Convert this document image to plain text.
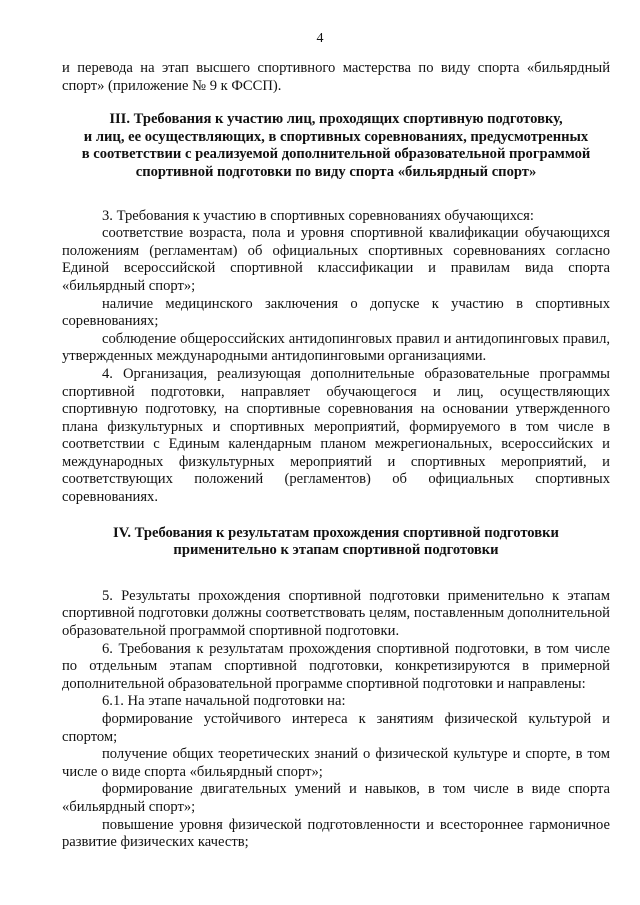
4

и перевода на этап высшего спортивного мастерства по виду спорта «бильярдный спорт» (приложение № 9 к ФССП).

III. Требования к участию лиц, проходящих спортивную подготовку,
и лиц, ее осуществляющих, в спортивных соревнованиях, предусмотренных
в соответствии с реализуемой дополнительной образовательной программой
спортивной подготовки по виду спорта «бильярдный спорт»

3. Требования к участию в спортивных соревнованиях обучающихся:

соответствие возраста, пола и уровня спортивной квалификации обучающихся положениям (регламентам) об официальных спортивных соревнованиях согласно Единой всероссийской спортивной классификации и правилам вида спорта «бильярдный спорт»;

наличие медицинского заключения о допуске к участию в спортивных соревнованиях;

соблюдение общероссийских антидопинговых правил и антидопинговых правил, утвержденных международными антидопинговыми организациями.

4. Организация, реализующая дополнительные образовательные программы спортивной подготовки, направляет обучающегося и лиц, осуществляющих спортивную подготовку, на спортивные соревнования на основании утвержденного плана физкультурных и спортивных мероприятий, формируемого в том числе в соответствии с Единым календарным планом межрегиональных, всероссийских и международных физкультурных мероприятий и спортивных мероприятий, и соответствующих положений (регламентов) об официальных спортивных соревнованиях.

IV. Требования к результатам прохождения спортивной подготовки
применительно к этапам спортивной подготовки

5. Результаты прохождения спортивной подготовки применительно к этапам спортивной подготовки должны соответствовать целям, поставленным дополнительной образовательной программой спортивной подготовки.

6. Требования к результатам прохождения спортивной подготовки, в том числе по отдельным этапам спортивной подготовки, конкретизируются в примерной дополнительной образовательной программе спортивной подготовки и направлены:

6.1. На этапе начальной подготовки на:

формирование устойчивого интереса к занятиям физической культурой и спортом;

получение общих теоретических знаний о физической культуре и спорте, в том числе о виде спорта «бильярдный спорт»;

формирование двигательных умений и навыков, в том числе в виде спорта «бильярдный спорт»;

повышение уровня физической подготовленности и всестороннее гармоничное развитие физических качеств;
